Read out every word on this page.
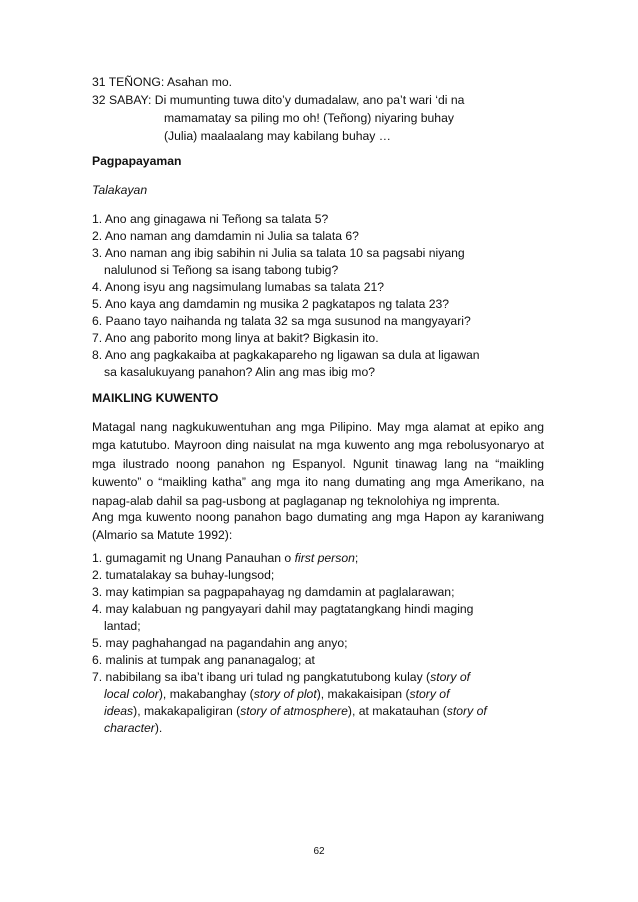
31 TEÑONG: Asahan mo.
32 SABAY: Di mumunting tuwa dito’y dumadalaw, ano pa’t wari ‘di na
mamamatay sa piling mo oh! (Teñong) niyaring buhay
(Julia) maalaalang may kabilang buhay …
Pagpapayaman
Talakayan
1. Ano ang ginagawa ni Teñong sa talata 5?
2. Ano naman ang damdamin ni Julia sa talata 6?
3. Ano naman ang ibig sabihin ni Julia sa talata 10 sa pagsabi niyang
nalulunod si Teñong sa isang tabong tubig?
4. Anong isyu ang nagsimulang lumabas sa talata 21?
5. Ano kaya ang damdamin ng musika 2 pagkatapos ng talata 23?
6. Paano tayo naihanda ng talata 32 sa mga susunod na mangyayari?
7. Ano ang paborito mong linya at bakit? Bigkasin ito.
8. Ano ang pagkakaiba at pagkakapareho ng ligawan sa dula at ligawan
sa kasalukuyang panahon? Alin ang mas ibig mo?
MAIKLING KUWENTO
Matagal nang nagkukuwentuhan ang mga Pilipino. May mga alamat at epiko ang mga katutubo. Mayroon ding naisulat na mga kuwento ang mga rebolusyonaryo at mga ilustrado noong panahon ng Espanyol. Ngunit tinawag lang na “maikling kuwento” o “maikling katha” ang mga ito nang dumating ang mga Amerikano, na napag-alab dahil sa pag-usbong at paglaganap ng teknolohiya ng imprenta.
Ang mga kuwento noong panahon bago dumating ang mga Hapon ay karaniwang (Almario sa Matute 1992):
1. gumagamit ng Unang Panauhan o first person;
2. tumatalakay sa buhay-lungsod;
3. may katimpian sa pagpapahayag ng damdamin at paglalarawan;
4. may kalabuan ng pangyayari dahil may pagtatangkang hindi maging
lantad;
5. may paghahangad na pagandahin ang anyo;
6. malinis at tumpak ang pananagalog; at
7. nabibilang sa iba’t ibang uri tulad ng pangkatutubong kulay (story of
local color), makabanghay (story of plot), makakaisipan (story of
ideas), makakapaligiran (story of atmosphere), at makatauhan (story of
character).
62
